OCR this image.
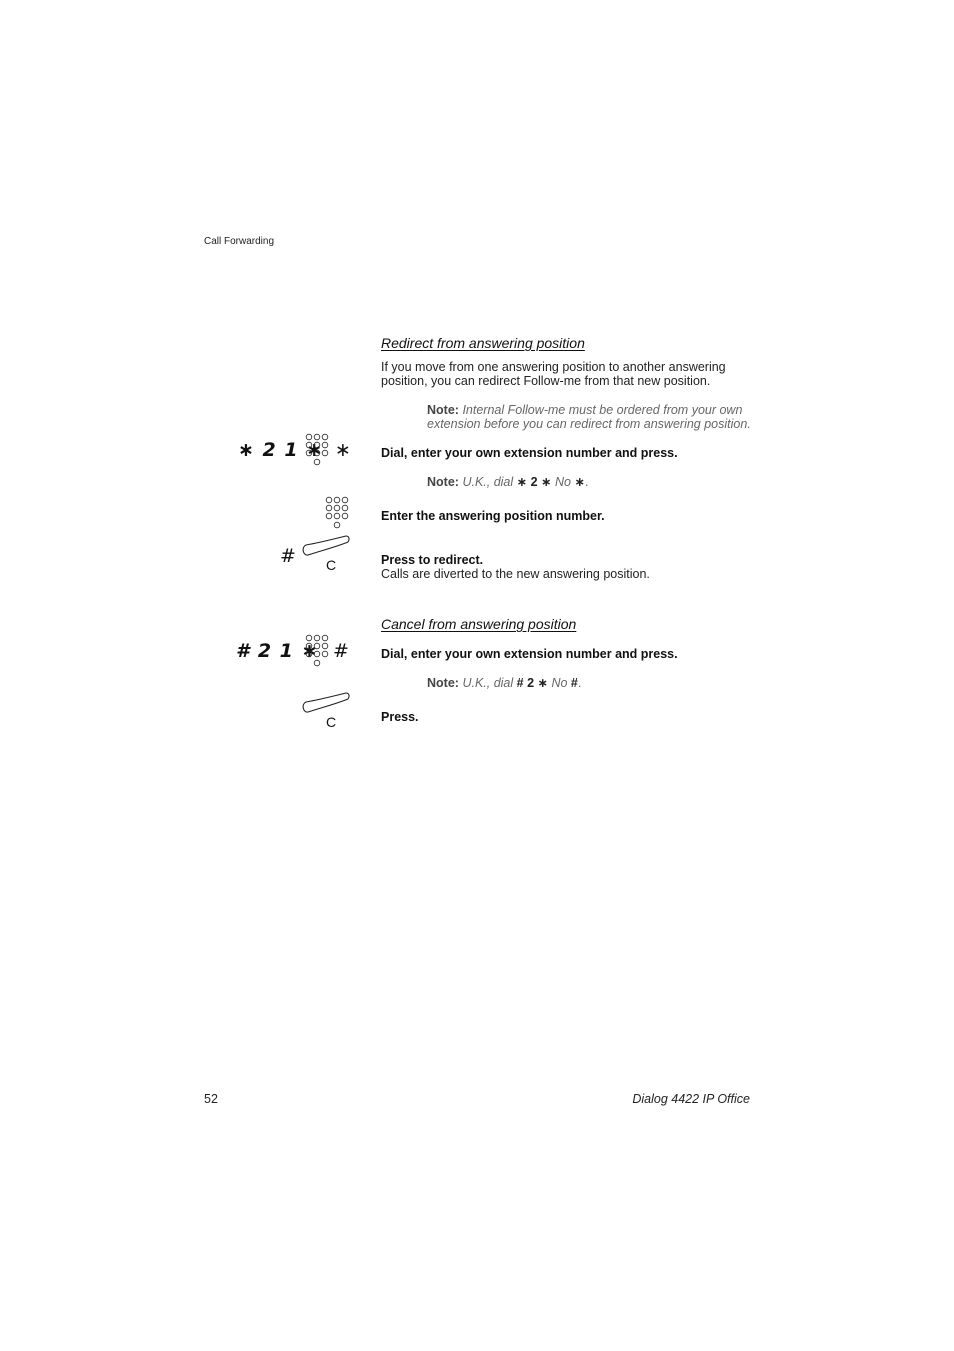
Call Forwarding
Redirect from answering position
If you move from one answering position to another answering position, you can redirect Follow-me from that new position.
Note: Internal Follow-me must be ordered from your own extension before you can redirect from answering position.
∗ 2 1 ∗ ∗ Dial, enter your own extension number and press.
Note: U.K., dial ∗ 2 ∗ No ∗.
Enter the answering position number.
# C	Press to redirect.
Calls are diverted to the new answering position.
Cancel from answering position
# 2 1 ∗ #	Dial, enter your own extension number and press.
Note: U.K., dial # 2 ∗ No #.
C	Press.
52	Dialog 4422 IP Office
